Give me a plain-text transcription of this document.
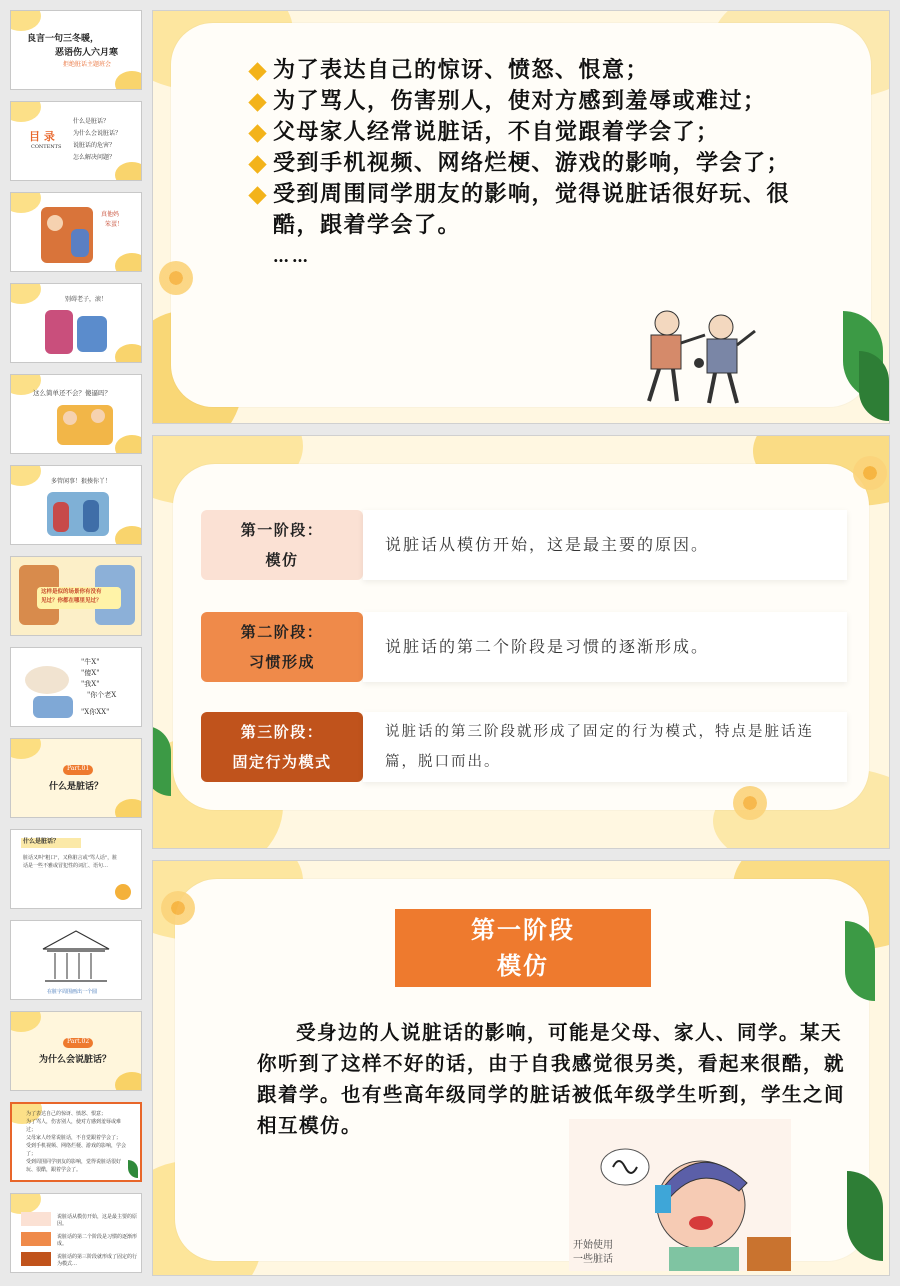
良言一句三冬暖，
恶语伤人六月寒
拒绝脏话主题班会
目 录
CONTENTS
什么是脏话？
为什么会说脏话？
说脏话的危害？
怎么解决问题？
真他妈
笨蛋！
别碍老子，滚！
这么简单还不会？傻逼吗？
多管闲事！狠揍你丫！
这样是似的场景你有没有
见过？你都在哪里见过？
"牛X"
"傻X"
"我X"
"你个老X
"X你XX"
Part.01
什么是脏话？
什么是脏话？
脏话又叫"粗口"，又称脏言或"骂人话"，脏话是一些不雅或冒犯性的词汇、语句…
在脏字周围画出一个圆
Part.02
为什么会说脏话？
为了表达自己的惊讶、愤怒、恨意；
为了骂人，伤害别人，使对方感到羞辱或难过；
父母家人经常说脏话，不自觉跟着学会了；
受到手机视频、网络烂梗、游戏的影响，学会了；
受到周围同学朋友的影响，觉得说脏话很好玩、很酷，跟着学会了。
说脏话从模仿开始，这是最主要的原因。
说脏话的第二个阶段是习惯的逐渐形成。
说脏话的第三阶段就形成了固定的行为模式…
为了表达自己的惊讶、愤怒、恨意；
为了骂人，伤害别人，使对方感到羞辱或难过；
父母家人经常说脏话，不自觉跟着学会了；
受到手机视频、网络烂梗、游戏的影响，学会了；
受到周围同学朋友的影响，觉得说脏话很好玩、很酷，跟着学会了。
……
第一阶段：
模仿
说脏话从模仿开始，这是最主要的原因。
第二阶段：
习惯形成
说脏话的第二个阶段是习惯的逐渐形成。
第三阶段：
固定行为模式
说脏话的第三阶段就形成了固定的行为模式，特点是脏话连篇，脱口而出。
第一阶段
模仿
受身边的人说脏话的影响，可能是父母、家人、同学。某天你听到了这样不好的话，由于自我感觉很另类，看起来很酷，就跟着学。也有些高年级同学的脏话被低年级学生听到，学生之间相互模仿。
开始使用
一些脏话
